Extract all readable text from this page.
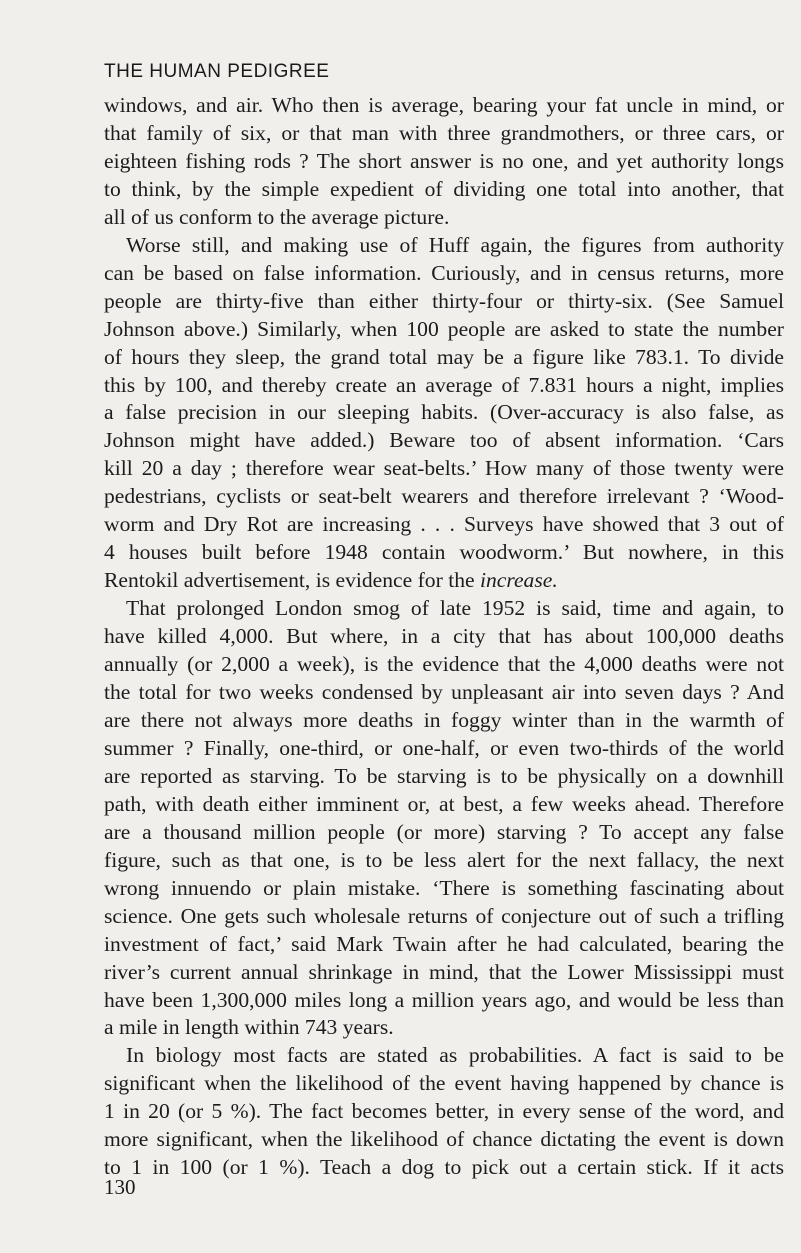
THE HUMAN PEDIGREE
windows, and air. Who then is average, bearing your fat uncle in mind, or
that family of six, or that man with three grandmothers, or three cars, or
eighteen fishing rods ? The short answer is no one, and yet authority longs
to think, by the simple expedient of dividing one total into another, that
all of us conform to the average picture.
Worse still, and making use of Huff again, the figures from authority
can be based on false information. Curiously, and in census returns, more
people are thirty-five than either thirty-four or thirty-six. (See Samuel
Johnson above.) Similarly, when 100 people are asked to state the number
of hours they sleep, the grand total may be a figure like 783.1. To divide
this by 100, and thereby create an average of 7.831 hours a night, implies
a false precision in our sleeping habits. (Over-accuracy is also false, as
Johnson might have added.) Beware too of absent information. ‘Cars
kill 20 a day ; therefore wear seat-belts.’ How many of those twenty were
pedestrians, cyclists or seat-belt wearers and therefore irrelevant ? ‘Wood-
worm and Dry Rot are increasing . . . Surveys have showed that 3 out of
4 houses built before 1948 contain woodworm.’ But nowhere, in this
Rentokil advertisement, is evidence for the increase.
That prolonged London smog of late 1952 is said, time and again, to
have killed 4,000. But where, in a city that has about 100,000 deaths
annually (or 2,000 a week), is the evidence that the 4,000 deaths were not
the total for two weeks condensed by unpleasant air into seven days ? And
are there not always more deaths in foggy winter than in the warmth of
summer ? Finally, one-third, or one-half, or even two-thirds of the world
are reported as starving. To be starving is to be physically on a downhill
path, with death either imminent or, at best, a few weeks ahead. Therefore
are a thousand million people (or more) starving ? To accept any false
figure, such as that one, is to be less alert for the next fallacy, the next
wrong innuendo or plain mistake. ‘There is something fascinating about
science. One gets such wholesale returns of conjecture out of such a trifling
investment of fact,’ said Mark Twain after he had calculated, bearing the
river’s current annual shrinkage in mind, that the Lower Mississippi must
have been 1,300,000 miles long a million years ago, and would be less than
a mile in length within 743 years.
In biology most facts are stated as probabilities. A fact is said to be
significant when the likelihood of the event having happened by chance is
1 in 20 (or 5 %). The fact becomes better, in every sense of the word, and
more significant, when the likelihood of chance dictating the event is down
to 1 in 100 (or 1 %). Teach a dog to pick out a certain stick. If it acts
130
